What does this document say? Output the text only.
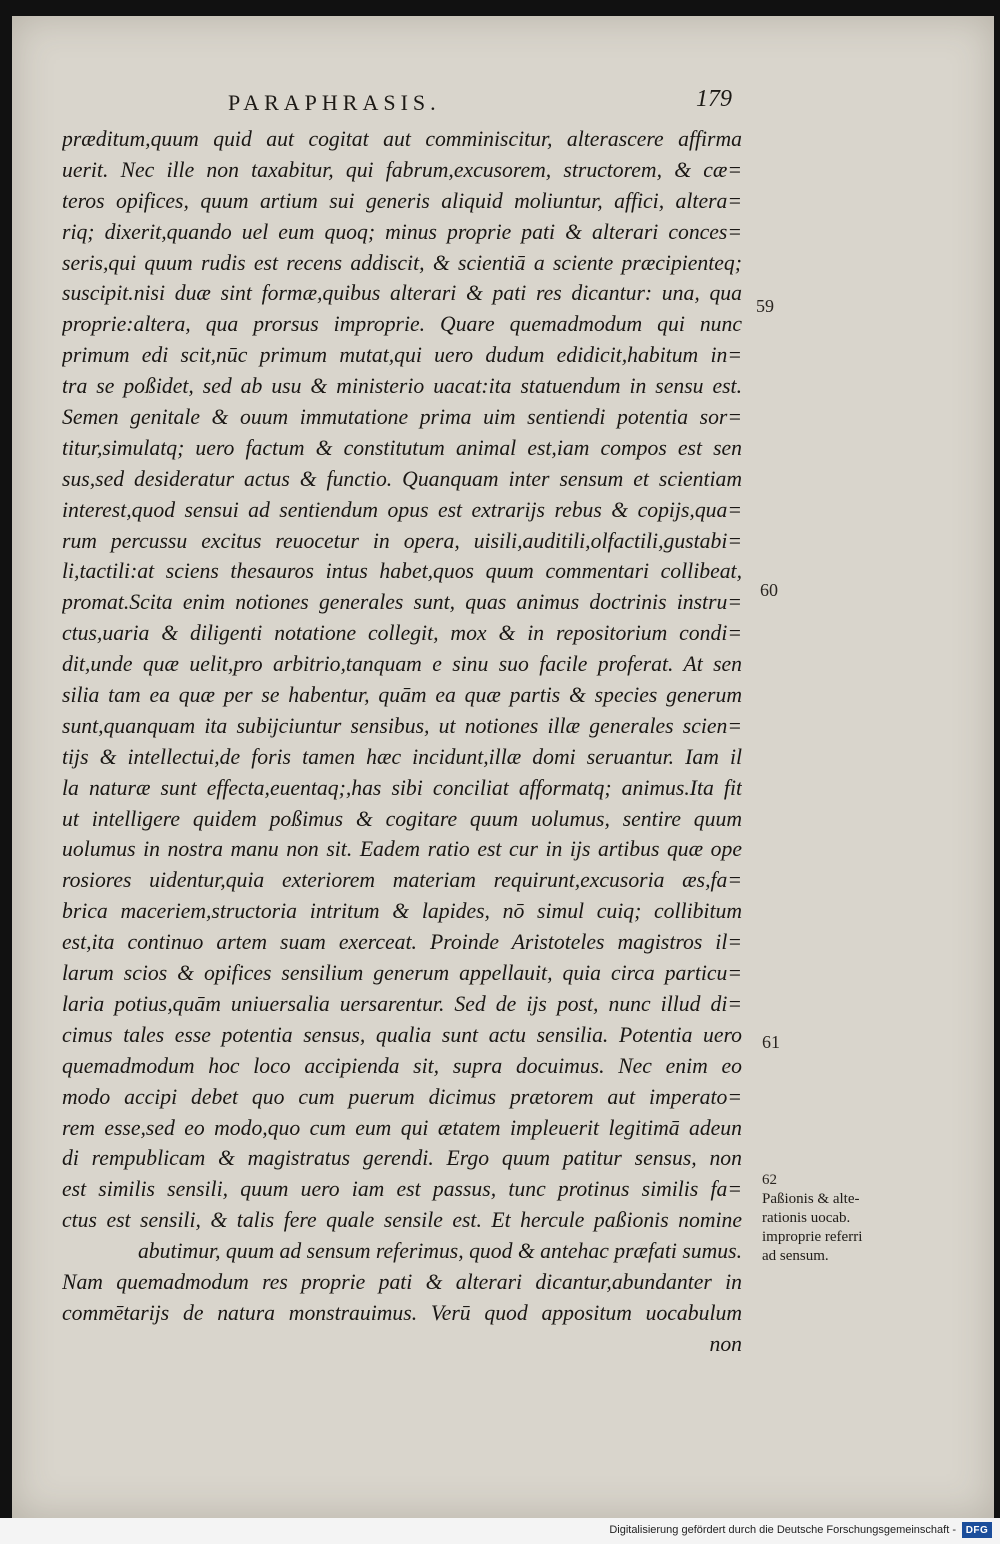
PARAPHRASIS.	179
præditum,quum quid aut cogitat aut comminiscitur, alterascere affirma
uerit. Nec ille non taxabitur, qui fabrum,excusorem, structorem, & cæ=
teros opifices, quum artium sui generis aliquid moliuntur, affici, altera=
riq; dixerit,quando uel eum quoq; minus proprie pati & alterari conces=
seris,qui quum rudis est recens addiscit, & scientiā a sciente præcipienteq;
suscipit.nisi duæ sint formæ,quibus alterari & pati res dicantur: una, qua
proprie:altera, qua prorsus improprie. Quare quemadmodum qui nunc
primum edi scit,nūc primum mutat,qui uero dudum edidicit,habitum in=
tra se poßidet, sed ab usu & ministerio uacat:ita statuendum in sensu est.
Semen genitale & ouum immutatione prima uim sentiendi potentia sor=
titur,simulatq; uero factum & constitutum animal est,iam compos est sen
sus,sed desideratur actus & functio. Quanquam inter sensum et scientiam
interest,quod sensui ad sentiendum opus est extrarijs rebus & copijs,qua=
rum percussu excitus reuocetur in opera, uisili,auditili,olfactili,gustabi=
li,tactili:at sciens thesauros intus habet,quos quum commentari collibeat,
promat.Scita enim notiones generales sunt, quas animus doctrinis instru=
ctus,uaria & diligenti notatione collegit, mox & in repositorium condi=
dit,unde quæ uelit,pro arbitrio,tanquam e sinu suo facile proferat. At sen
silia tam ea quæ per se habentur, quām ea quæ partis & species generum
sunt,quanquam ita subijciuntur sensibus, ut notiones illæ generales scien=
tijs & intellectui,de foris tamen hæc incidunt,illæ domi seruantur. Iam il
la naturæ sunt effecta,euentaq;,has sibi conciliat afformatq; animus.Ita fit
ut intelligere quidem poßimus & cogitare quum uolumus, sentire quum
uolumus in nostra manu non sit. Eadem ratio est cur in ijs artibus quæ ope
rosiores uidentur,quia exteriorem materiam requirunt,excusoria æs,fa=
brica maceriem,structoria intritum & lapides, nō simul cuiq; collibitum
est,ita continuo artem suam exerceat. Proinde Aristoteles magistros il=
larum scios & opifices sensilium generum appellauit, quia circa particu=
laria potius,quām uniuersalia uersarentur. Sed de ijs post, nunc illud di=
cimus tales esse potentia sensus, qualia sunt actu sensilia. Potentia uero
quemadmodum hoc loco accipienda sit, supra docuimus. Nec enim eo
modo accipi debet quo cum puerum dicimus prætorem aut imperato=
rem esse,sed eo modo,quo cum eum qui ætatem impleuerit legitimā adeun
di rempublicam & magistratus gerendi. Ergo quum patitur sensus, non
est similis sensili, quum uero iam est passus, tunc protinus similis fa=
ctus est sensili, & talis fere quale sensile est. Et hercule paßionis nomine
abutimur, quum ad sensum referimus, quod & antehac præfati sumus.
Nam quemadmodum res proprie pati & alterari dicantur,abundanter in
commētarijs de natura monstrauimus. Verū quod appositum uocabulum
non
59
60
61
62
Paßionis & alte-
rationis uocab.
improprie referri
ad sensum.
Digitalisierung gefördert durch die Deutsche Forschungsgemeinschaft - DFG
